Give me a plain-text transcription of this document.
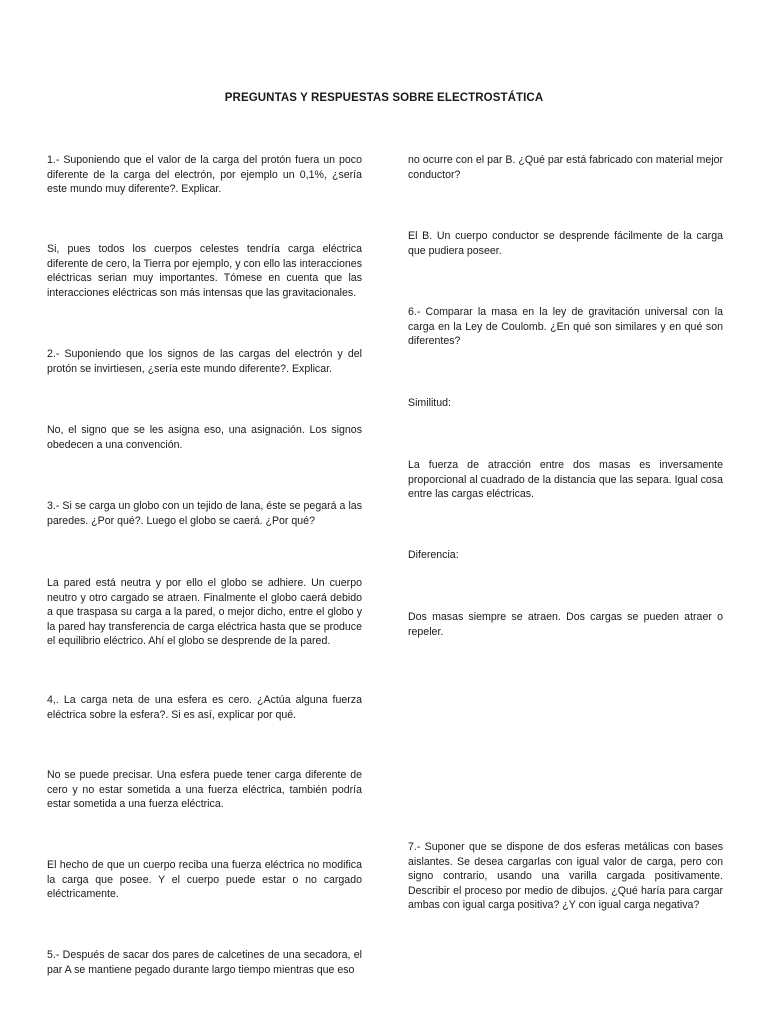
PREGUNTAS Y RESPUESTAS SOBRE ELECTROSTÁTICA

1.- Suponiendo que el valor de la carga del protón fuera un poco diferente de la carga del electrón, por ejemplo un 0,1%, ¿sería este mundo muy diferente?. Explicar.

Si, pues todos los cuerpos celestes tendría carga eléctrica diferente de cero, la Tierra por ejemplo, y con ello las interacciones eléctricas serian muy importantes. Tómese en cuenta que las interacciones eléctricas son más intensas que las gravitacionales.

2.- Suponiendo que los signos de las cargas del electrón y del protón se invirtiesen, ¿sería este mundo diferente?. Explicar.

No, el signo que se les asigna eso, una asignación. Los signos obedecen a una convención.

3.- Si se carga un globo con un tejido de lana, éste se pegará a las paredes. ¿Por qué?. Luego el globo se caerá. ¿Por qué?

La pared está neutra y por ello el globo se adhiere. Un cuerpo neutro y otro cargado se atraen. Finalmente el globo caerá debido a que traspasa su carga a la pared, o mejor dicho, entre el globo y la pared hay transferencia de carga eléctrica hasta que se produce el equilibrio eléctrico. Ahí el globo se desprende de la pared.

4,. La carga neta de una esfera es cero. ¿Actúa alguna fuerza eléctrica sobre la esfera?. Si es así, explicar por qué.

No se puede precisar. Una esfera puede tener carga diferente de cero y no estar sometida a una fuerza eléctrica, también podría estar sometida a una fuerza eléctrica.

El hecho de que un cuerpo reciba una fuerza eléctrica no modifica la carga que posee. Y el cuerpo puede estar o no cargado eléctricamente.

5.- Después de sacar dos pares de calcetines de una secadora, el par A se mantiene pegado durante largo tiempo mientras que eso

no ocurre con el par B. ¿Qué par está fabricado con material mejor conductor?

El B. Un cuerpo conductor se desprende fácilmente de la carga que pudiera poseer.

6.- Comparar la masa en la ley de gravitación universal con la carga en la Ley de Coulomb. ¿En qué son similares y en qué son diferentes?

Similitud:

La fuerza de atracción entre dos masas es inversamente proporcional al cuadrado de la distancia que las separa. Igual cosa entre las cargas eléctricas.

Diferencia:

Dos masas siempre se atraen. Dos cargas se pueden atraer o repeler.

7.- Suponer que se dispone de dos esferas metálicas con bases aislantes. Se desea cargarlas con igual valor de carga, pero con signo contrario, usando una varilla cargada positivamente. Describir el proceso por medio de dibujos. ¿Qué haría para cargar ambas con igual carga positiva? ¿Y con igual carga negativa?
